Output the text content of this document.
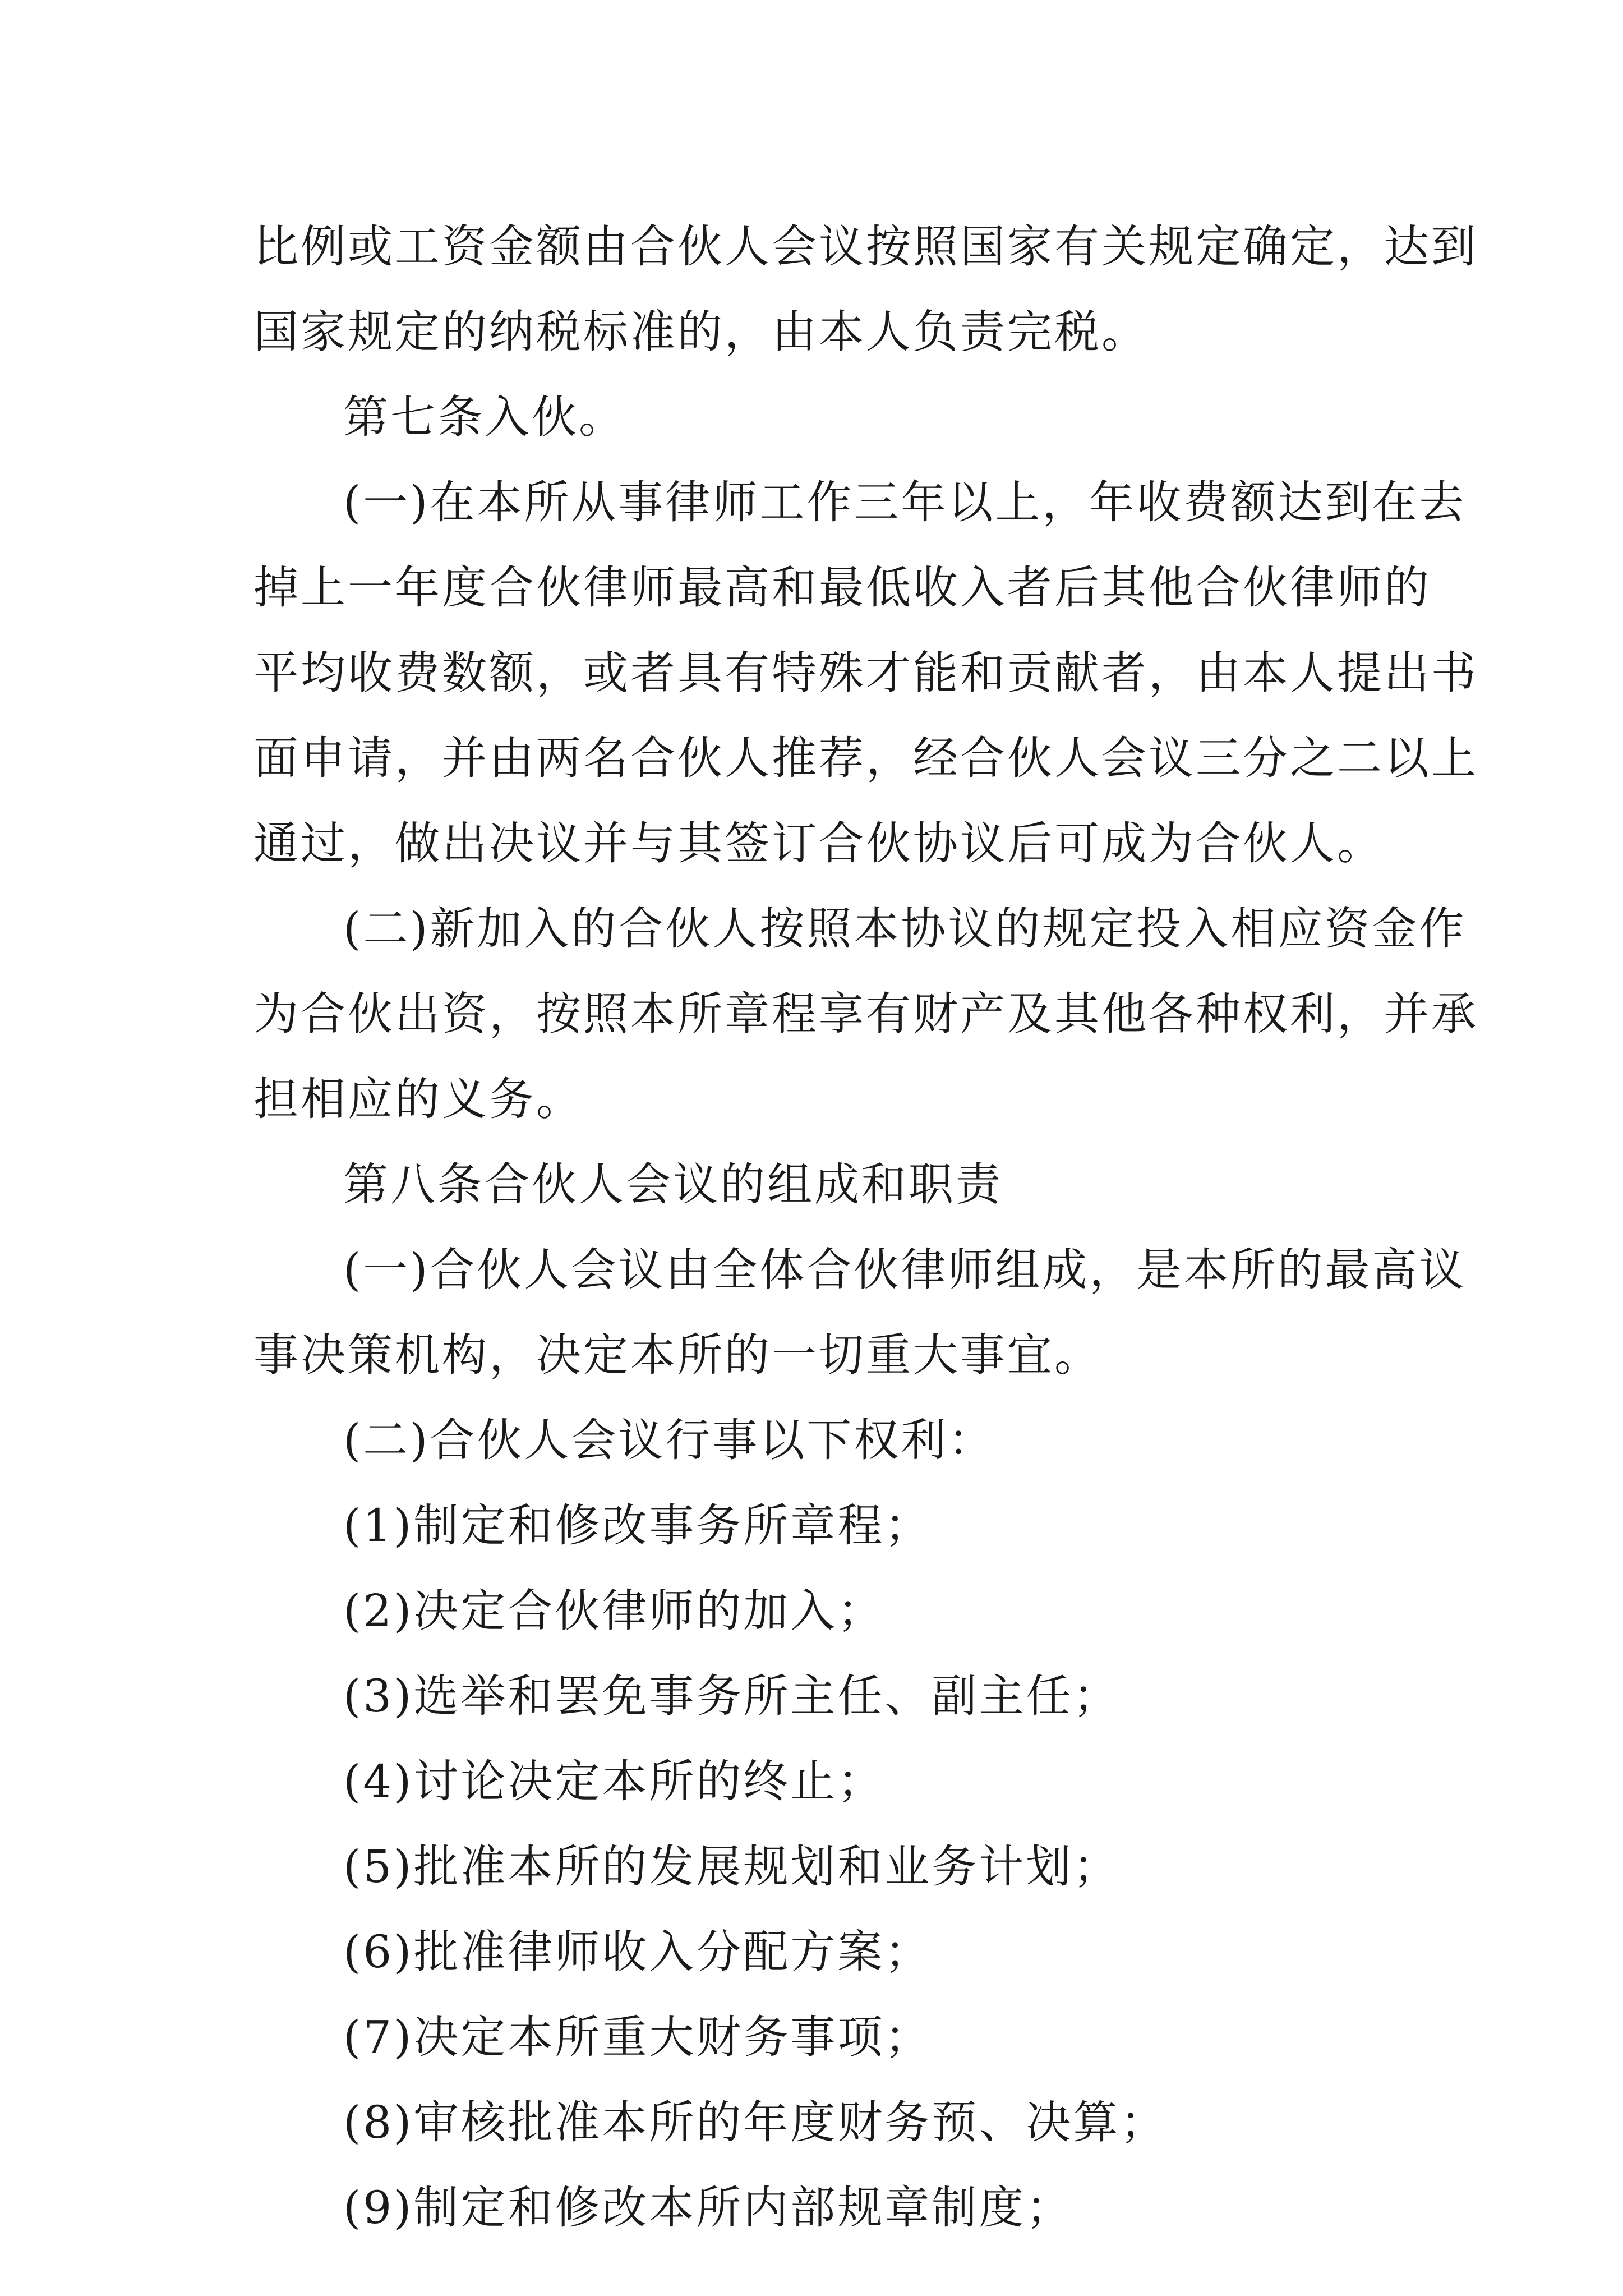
比例或工资金额由合伙人会议按照国家有关规定确定，达到
国家规定的纳税标准的，由本人负责完税。
第七条入伙。
(一)在本所从事律师工作三年以上，年收费额达到在去
掉上一年度合伙律师最高和最低收入者后其他合伙律师的
平均收费数额，或者具有特殊才能和贡献者，由本人提出书
面申请，并由两名合伙人推荐，经合伙人会议三分之二以上
通过，做出决议并与其签订合伙协议后可成为合伙人。
(二)新加入的合伙人按照本协议的规定投入相应资金作
为合伙出资，按照本所章程享有财产及其他各种权利，并承
担相应的义务。
第八条合伙人会议的组成和职责
(一)合伙人会议由全体合伙律师组成，是本所的最高议
事决策机构，决定本所的一切重大事宜。
(二)合伙人会议行事以下权利：
(1)制定和修改事务所章程；
(2)决定合伙律师的加入；
(3)选举和罢免事务所主任、副主任；
(4)讨论决定本所的终止；
(5)批准本所的发展规划和业务计划；
(6)批准律师收入分配方案；
(7)决定本所重大财务事项；
(8)审核批准本所的年度财务预、决算；
(9)制定和修改本所内部规章制度；
